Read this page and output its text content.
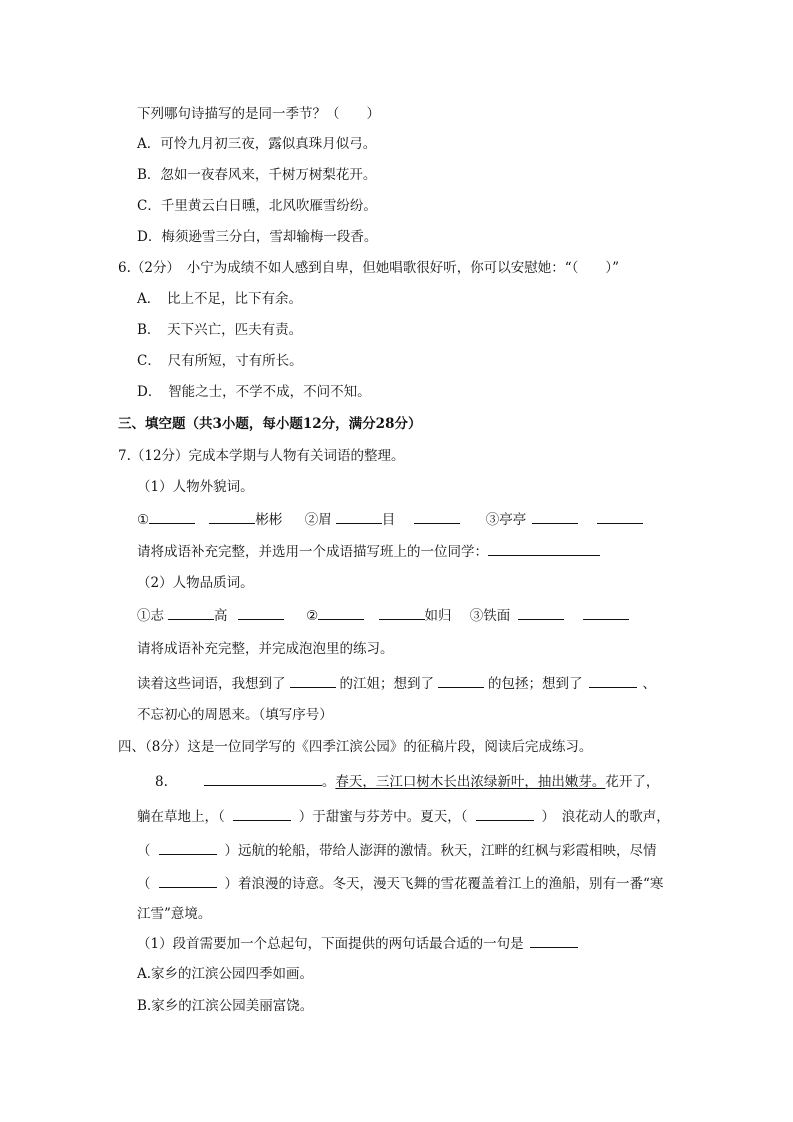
下列哪句诗描写的是同一季节？（　　）
A．可怜九月初三夜，露似真珠月似弓。
B．忽如一夜春风来，千树万树梨花开。
C．千里黄云白日曛，北风吹雁雪纷纷。
D．梅须逊雪三分白，雪却输梅一段香。
6.（2分）　小宁为成绩不如人感到自卑，但她唱歌很好听，你可以安慰她：“（　　）”
A．　比上不足，比下有余。
B．　天下兴亡，匹夫有责。
C．　尺有所短，寸有所长。
D．　智能之士，不学不成，不问不知。
三、填空题（共3小题，每小题12分，满分28分）
7.（12分）完成本学期与人物有关词语的整理。
（1）人物外貌词。
①	彬彬 ②眉	目	③亭亭
请将成语补充完整，并选用一个成语描写班上的一位同学：
（2）人物品质词。
①志	高	②	如归 ③铁面
请将成语补充完整，并完成泡泡里的练习。
读着这些词语，我想到了	的江姐；想到了	的包拯；想到了	、
不忘初心的周恩来。（填写序号）
四、（8分）这是一位同学写的《四季江滨公园》的征稿片段，阅读后完成练习。
8.	。春天，三江口树木长出浓绿新叶，抽出嫩芽。花开了，
躺在草地上，（	）于甜蜜与芬芳中。夏天，（	）　浪花动人的歌声，
（	）远航的轮船，带给人澎湃的激情。秋天，江畔的红枫与彩霞相映，尽情
（	）着浪漫的诗意。冬天，漫天飞舞的雪花覆盖着江上的渔船，别有一番“寒
江雪”意境。
（1）段首需要加一个总起句，下面提供的两句话最合适的一句是
A.家乡的江滨公园四季如画。
B.家乡的江滨公园美丽富饶。
